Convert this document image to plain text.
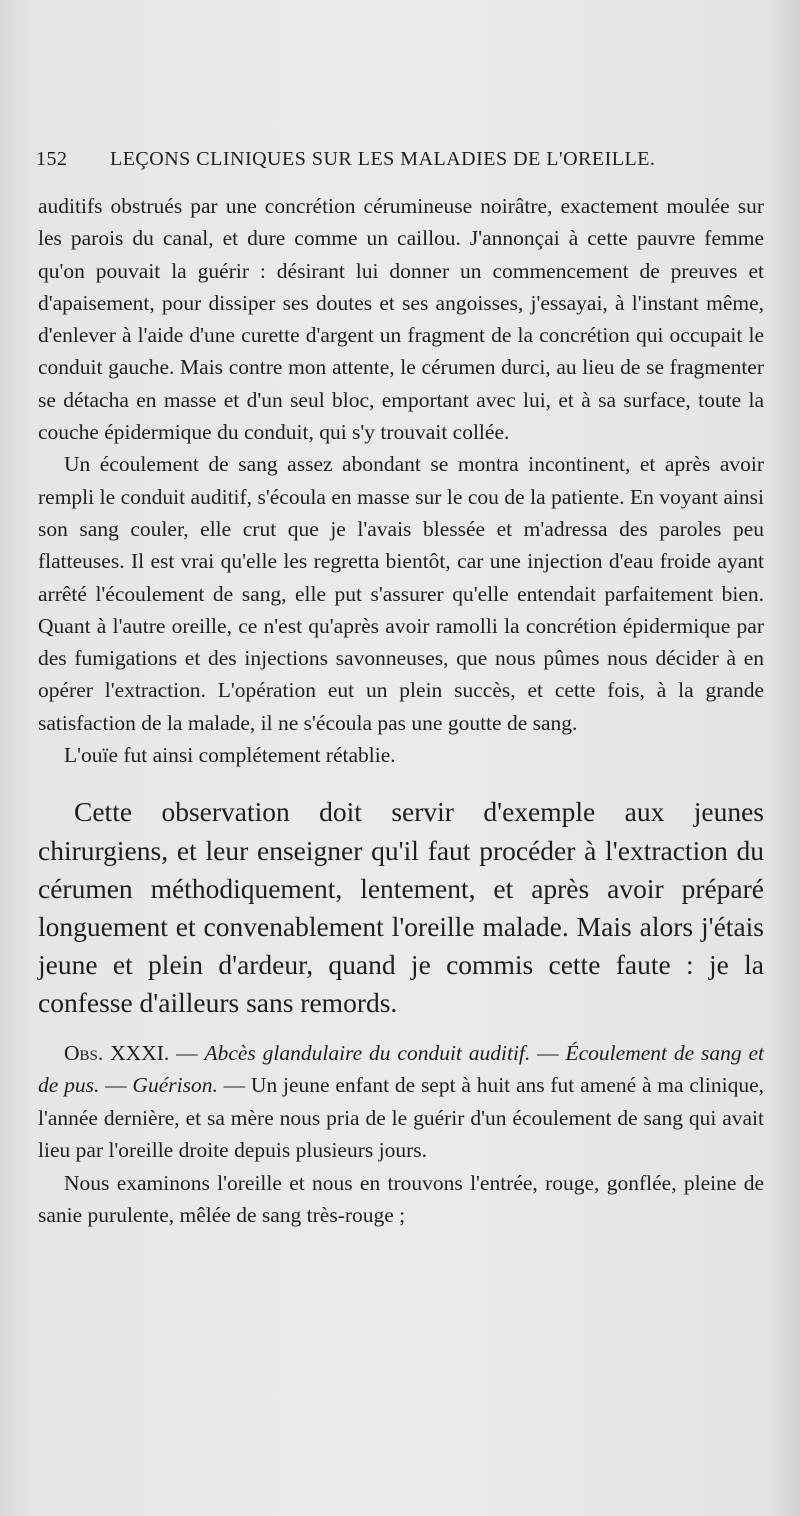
152 LEÇONS CLINIQUES SUR LES MALADIES DE L'OREILLE.

auditifs obstrués par une concrétion cérumineuse noirâtre, exactement moulée sur les parois du canal, et dure comme un caillou. J'annonçai à cette pauvre femme qu'on pouvait la guérir : désirant lui donner un commencement de preuves et d'apaisement, pour dissiper ses doutes et ses angoisses, j'essayai, à l'instant même, d'enlever à l'aide d'une curette d'argent un fragment de la concrétion qui occupait le conduit gauche. Mais contre mon attente, le cérumen durci, au lieu de se fragmenter se détacha en masse et d'un seul bloc, emportant avec lui, et à sa surface, toute la couche épidermique du conduit, qui s'y trouvait collée.

Un écoulement de sang assez abondant se montra incontinent, et après avoir rempli le conduit auditif, s'écoula en masse sur le cou de la patiente. En voyant ainsi son sang couler, elle crut que je l'avais blessée et m'adressa des paroles peu flatteuses. Il est vrai qu'elle les regretta bientôt, car une injection d'eau froide ayant arrêté l'écoulement de sang, elle put s'assurer qu'elle entendait parfaitement bien. Quant à l'autre oreille, ce n'est qu'après avoir ramolli la concrétion épidermique par des fumigations et des injections savonneuses, que nous pûmes nous décider à en opérer l'extraction. L'opération eut un plein succès, et cette fois, à la grande satisfaction de la malade, il ne s'écoula pas une goutte de sang.

L'ouïe fut ainsi complétement rétablie.

Cette observation doit servir d'exemple aux jeunes chirurgiens, et leur enseigner qu'il faut procéder à l'extraction du cérumen méthodiquement, lentement, et après avoir préparé longuement et convenablement l'oreille malade. Mais alors j'étais jeune et plein d'ardeur, quand je commis cette faute : je la confesse d'ailleurs sans remords.

Obs. XXXI. — Abcès glandulaire du conduit auditif. — Écoulement de sang et de pus. — Guérison. — Un jeune enfant de sept à huit ans fut amené à ma clinique, l'année dernière, et sa mère nous pria de le guérir d'un écoulement de sang qui avait lieu par l'oreille droite depuis plusieurs jours.

Nous examinons l'oreille et nous en trouvons l'entrée, rouge, gonflée, pleine de sanie purulente, mêlée de sang très-rouge ;
